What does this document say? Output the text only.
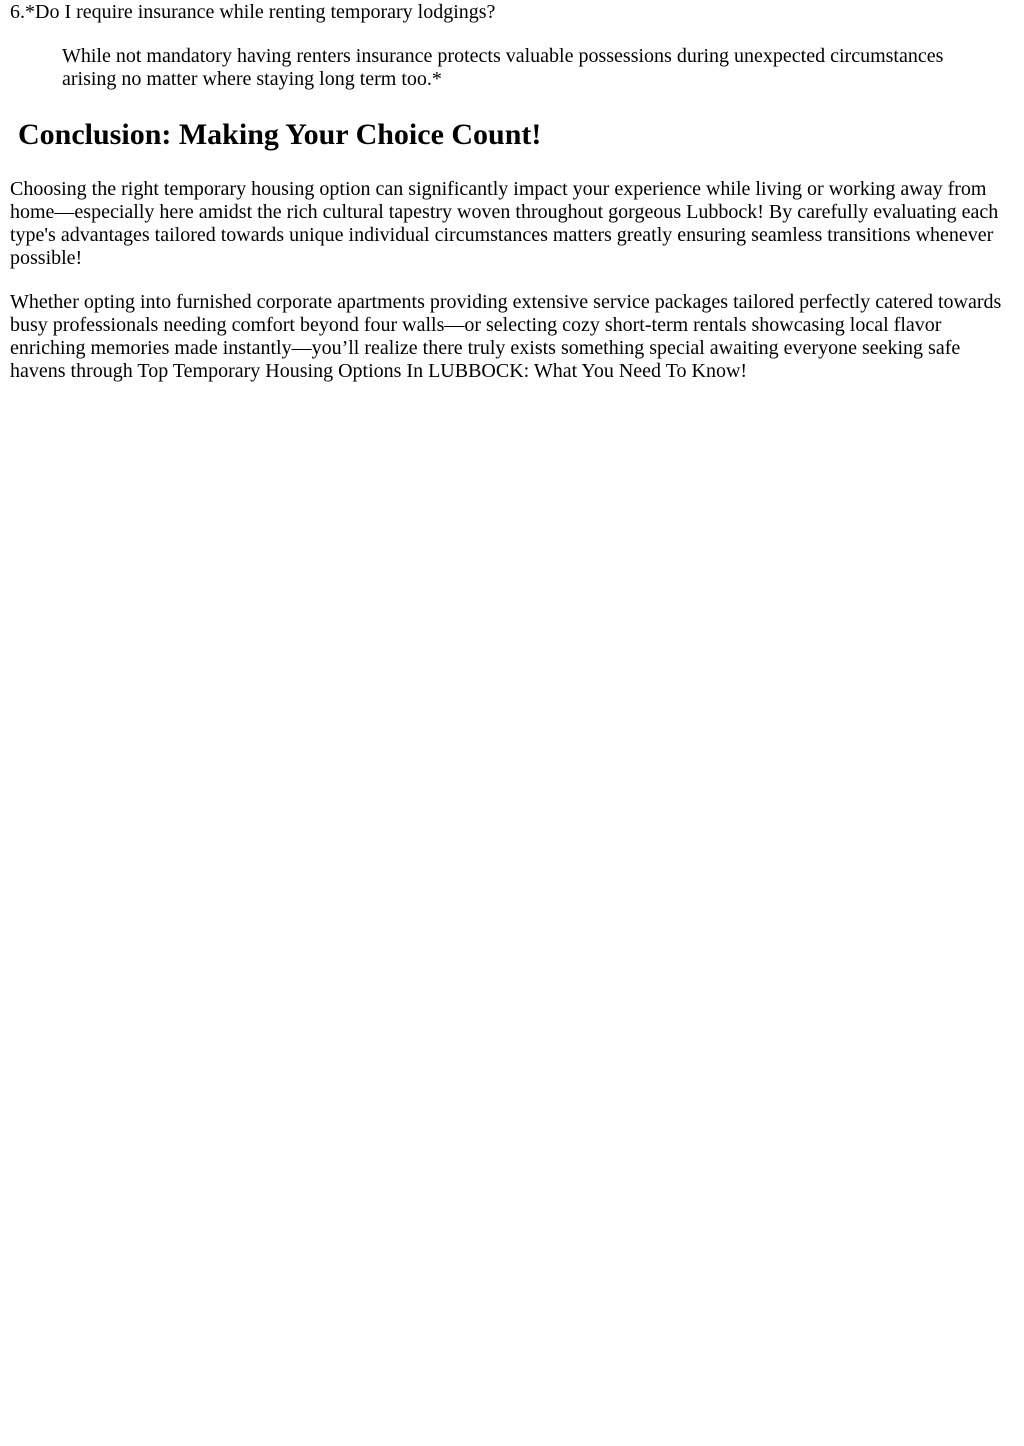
6.*Do I require insurance while renting temporary lodgings?

While not mandatory having renters insurance protects valuable possessions during unexpected circumstances arising no matter where staying long term too.*

Conclusion: Making Your Choice Count!

Choosing the right temporary housing option can significantly impact your experience while living or working away from home—especially here amidst the rich cultural tapestry woven throughout gorgeous Lubbock! By carefully evaluating each type's advantages tailored towards unique individual circumstances matters greatly ensuring seamless transitions whenever possible!

Whether opting into furnished corporate apartments providing extensive service packages tailored perfectly catered towards busy professionals needing comfort beyond four walls—or selecting cozy short-term rentals showcasing local flavor enriching memories made instantly—you’ll realize there truly exists something special awaiting everyone seeking safe havens through Top Temporary Housing Options In LUBBOCK: What You Need To Know!
